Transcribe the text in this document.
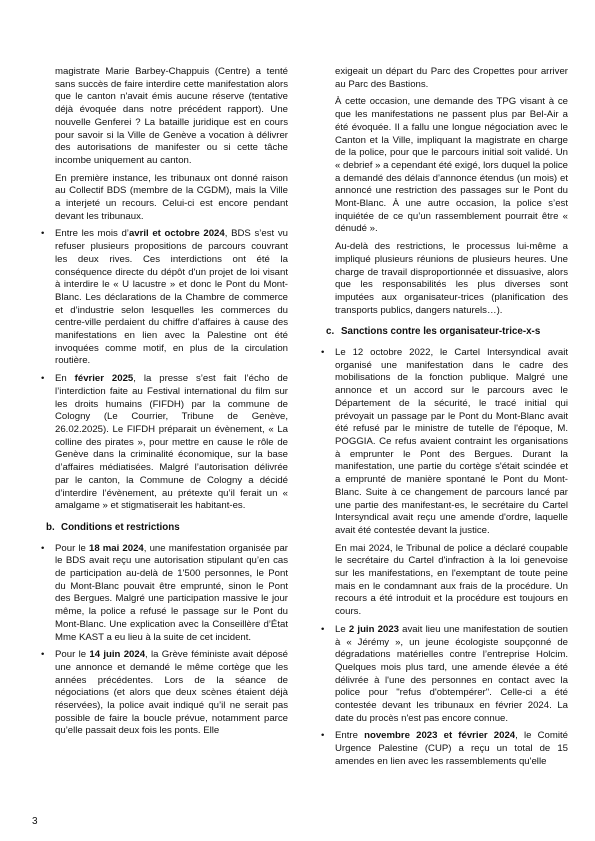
magistrate Marie Barbey-Chappuis (Centre) a tenté sans succès de faire interdire cette manifestation alors que le canton n'avait émis aucune réserve (tentative déjà évoquée dans notre précédent rapport). Une nouvelle Genferei ? La bataille juridique est en cours pour savoir si la Ville de Genève a vocation à délivrer des autorisations de manifester ou si cette tâche incombe uniquement au canton.

En première instance, les tribunaux ont donné raison au Collectif BDS (membre de la CGDM), mais la Ville a interjeté un recours. Celui-ci est encore pendant devant les tribunaux.

• Entre les mois d’avril et octobre 2024, BDS s’est vu refuser plusieurs propositions de parcours couvrant les deux rives. Ces interdictions ont été la conséquence directe du dépôt d'un projet de loi visant à interdire le « U lacustre » et donc le Pont du Mont-Blanc. Les déclarations de la Chambre de commerce et d’industrie selon lesquelles les commerces du centre-ville perdaient du chiffre d’affaires à cause des manifestations en lien avec la Palestine ont été invoquées comme motif, en plus de la circulation routière.
• En février 2025, la presse s’est fait l’écho de l’interdiction faite au Festival international du film sur les droits humains (FIFDH) par la commune de Cologny (Le Courrier, Tribune de Genève, 26.02.2025). Le FIFDH préparait un évènement, « La colline des pirates », pour mettre en cause le rôle de Genève dans la criminalité économique, sur la base d’affaires médiatisées. Malgré l’autorisation délivrée par le canton, la Commune de Cologny a décidé d’interdire l’évènement, au prétexte qu’il ferait un « amalgame » et stigmatiserait les habitant-es.
b. Conditions et restrictions
• Pour le 18 mai 2024, une manifestation organisée par le BDS avait reçu une autorisation stipulant qu’en cas de participation au-delà de 1'500 personnes, le Pont du Mont-Blanc pouvait être emprunté, sinon le Pont des Bergues. Malgré une participation massive le jour même, la police a refusé le passage sur le Pont du Mont-Blanc. Une explication avec la Conseillère d’État Mme KAST a eu lieu à la suite de cet incident.
• Pour le 14 juin 2024, la Grève féministe avait déposé une annonce et demandé le même cortège que les années précédentes. Lors de la séance de négociations (et alors que deux scènes étaient déjà réservées), la police avait indiqué qu’il ne serait pas possible de faire la boucle prévue, notamment parce qu’elle passait deux fois les ponts. Elle

exigeait un départ du Parc des Cropettes pour arriver au Parc des Bastions.

À cette occasion, une demande des TPG visant à ce que les manifestations ne passent plus par Bel-Air a été évoquée. Il a fallu une longue négociation avec le Canton et la Ville, impliquant la magistrate en charge de la police, pour que le parcours initial soit validé. Un « debrief » a cependant été exigé, lors duquel la police a demandé des délais d’annonce étendus (un mois) et annoncé une restriction des passages sur le Pont du Mont-Blanc. À une autre occasion, la police s’est inquiétée de ce qu’un rassemblement pourrait être « dénudé ».

Au-delà des restrictions, le processus lui-même a impliqué plusieurs réunions de plusieurs heures. Une charge de travail disproportionnée et dissuasive, alors que les responsabilités les plus diverses sont imputées aux organisateur-trices (planification des transports publics, dangers naturels…).

c. Sanctions contre les organisateur-trice-x-s
• Le 12 octobre 2022, le Cartel Intersyndical avait organisé une manifestation dans le cadre des mobilisations de la fonction publique. Malgré une annonce et un accord sur le parcours avec le Département de la sécurité, le tracé initial qui prévoyait un passage par le Pont du Mont-Blanc avait été refusé par le ministre de tutelle de l'époque, M. POGGIA. Ce refus avaient contraint les organisations à emprunter le Pont des Bergues. Durant la manifestation, une partie du cortège s'était scindée et a emprunté de manière spontané le Pont du Mont-Blanc. Suite à ce changement de parcours lancé par une partie des manifestant-es, le secrétaire du Cartel Intersyndical avait reçu une amende d'ordre, laquelle avait été contestée devant la justice.

En mai 2024, le Tribunal de police a déclaré coupable le secrétaire du Cartel d'infraction à la loi genevoise sur les manifestations, en l'exemptant de toute peine mais en le condamnant aux frais de la procédure. Un recours a été introduit et la procédure est toujours en cours.

• Le 2 juin 2023 avait lieu une manifestation de soutien à « Jérémy », un jeune écologiste soupçonné de dégradations matérielles contre l’entreprise Holcim. Quelques mois plus tard, une amende élevée a été délivrée à l'une des personnes en contact avec la police pour "refus d'obtempérer". Celle-ci a été contestée devant les tribunaux en février 2024. La date du procès n'est pas encore connue.
• Entre novembre 2023 et février 2024, le Comité Urgence Palestine (CUP) a reçu un total de 15 amendes en lien avec les rassemblements qu'elle
3
